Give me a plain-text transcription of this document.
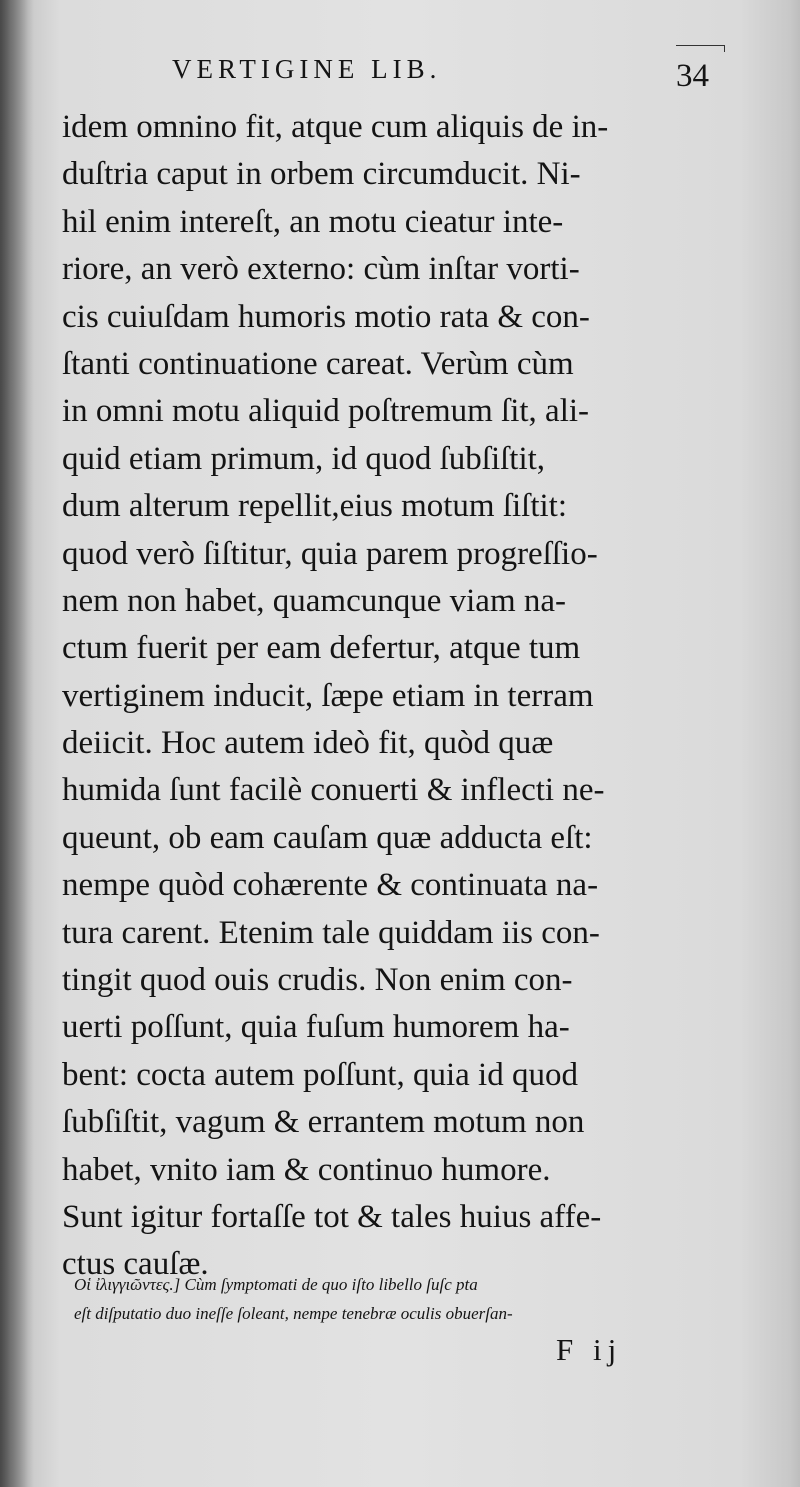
VERTIGINE LIB.	34
idem omnino fit, atque cum aliquis de in-
duſtria caput in orbem circumducit. Ni-
hil enim intereſt, an motu cieatur inte-
riore, an verò externo: cùm inſtar vorti-
cis cuiuſdam humoris motio rata & con-
ſtanti continuatione careat. Verùm cùm
in omni motu aliquid poſtremum ſit, ali-
quid etiam primum, id quod ſubſiſtit,
dum alterum repellit,eius motum ſiſtit:
quod verò ſiſtitur, quia parem progreſſio-
nem non habet, quamcunque viam na-
ctum fuerit per eam defertur, atque tum
vertiginem inducit, ſæpe etiam in terram
deiicit. Hoc autem ideò fit, quòd quæ
humida ſunt facilè conuerti & inflecti ne-
queunt, ob eam cauſam quæ adducta eſt:
nempe quòd cohærente & continuata na-
tura carent. Etenim tale quiddam iis con-
tingit quod ouis crudis. Non enim con-
uerti poſſunt, quia fuſum humorem ha-
bent: cocta autem poſſunt, quia id quod
ſubſiſtit, vagum & errantem motum non
habet, vnito iam & continuo humore.
Sunt igitur fortaſſe tot & tales huius affe-
ctus cauſæ.
Oἱ ἰλιγγιῶντες.] Cùm ſymptomati de quo iſto libello ſuſc pta
eſt diſputatio duo ineſſe ſoleant, nempe tenebræ oculis obuerſan-
F ij
